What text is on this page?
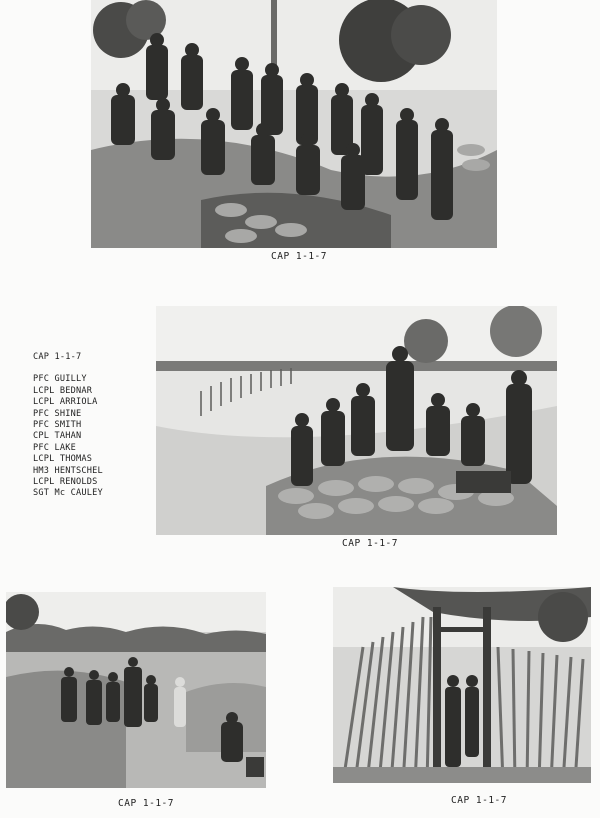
CAP 1-1-7
CAP 1-1-7
PFC GUILLY
LCPL BEDNAR
LCPL ARRIOLA
PFC SHINE
PFC SMITH
CPL TAHAN
PFC LAKE
LCPL THOMAS
HM3 HENTSCHEL
LCPL RENOLDS
SGT Mc CAULEY
CAP 1-1-7
CAP 1-1-7	CAP 1-1-7
